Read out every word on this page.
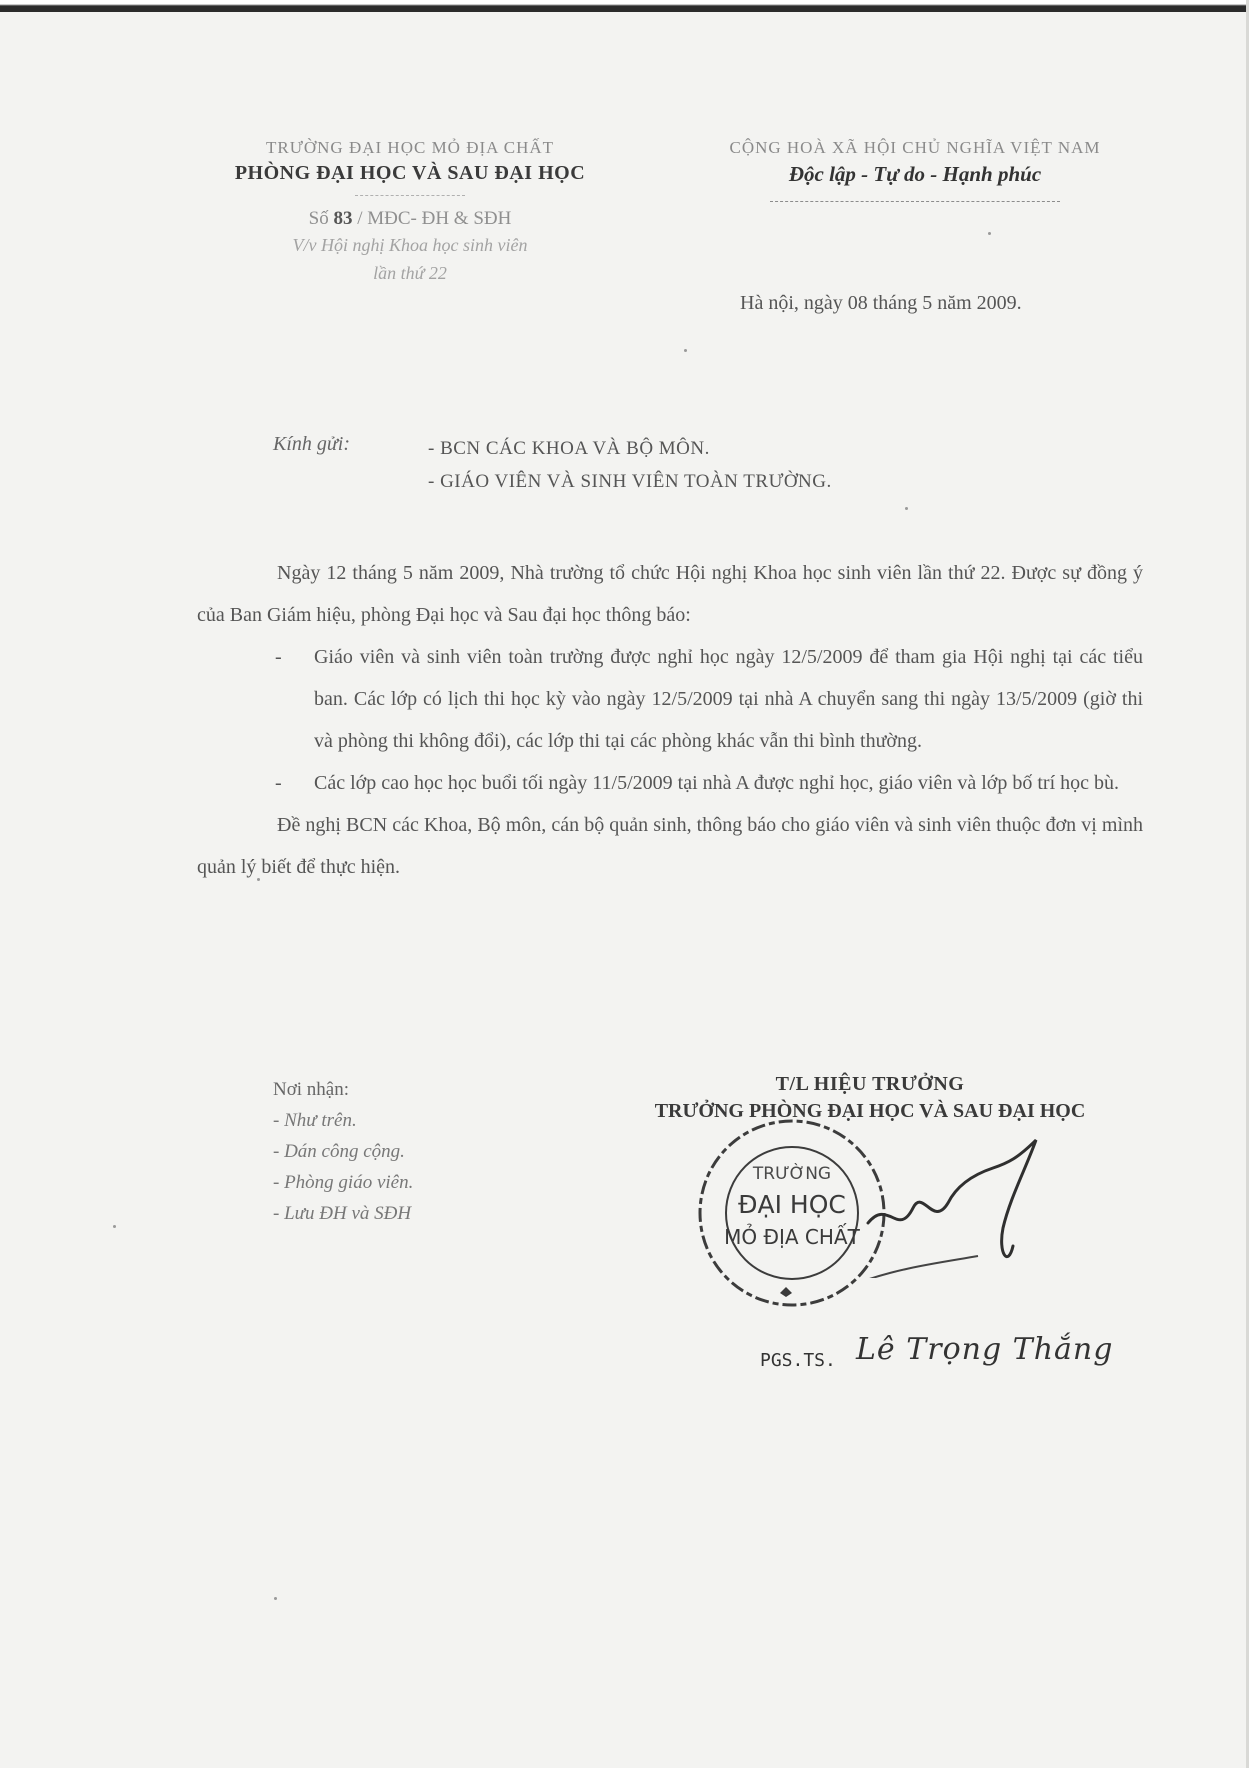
TRƯỜNG ĐẠI HỌC MỎ ĐỊA CHẤT
PHÒNG ĐẠI HỌC VÀ SAU ĐẠI HỌC
Số 83 / MĐC- ĐH & SĐH
V/v Hội nghị Khoa học sinh viên
lần thứ 22
CỘNG HOÀ XÃ HỘI CHỦ NGHĨA VIỆT NAM
Độc lập - Tự do - Hạnh phúc
Hà nội, ngày 08 tháng 5 năm 2009.
Kính gửi:	- BCN CÁC KHOA VÀ BỘ MÔN.
- GIÁO VIÊN VÀ SINH VIÊN TOÀN TRƯỜNG.

Ngày 12 tháng 5 năm 2009, Nhà trường tổ chức Hội nghị Khoa học sinh viên lần thứ 22. Được sự đồng ý của Ban Giám hiệu, phòng Đại học và Sau đại học thông báo:

- Giáo viên và sinh viên toàn trường được nghỉ học ngày 12/5/2009 để tham gia Hội nghị tại các tiểu ban. Các lớp có lịch thi học kỳ vào ngày 12/5/2009 tại nhà A chuyển sang thi ngày 13/5/2009 (giờ thi và phòng thi không đổi), các lớp thi tại các phòng khác vẫn thi bình thường.
- Các lớp cao học học buổi tối ngày 11/5/2009 tại nhà A được nghỉ học, giáo viên và lớp bố trí học bù.

Đề nghị BCN các Khoa, Bộ môn, cán bộ quản sinh, thông báo cho giáo viên và sinh viên thuộc đơn vị mình quản lý biết để thực hiện.

Nơi nhận:
- Như trên.
- Dán công cộng.
- Phòng giáo viên.
- Lưu ĐH và SĐH
T/L HIỆU TRƯỞNG
TRƯỞNG PHÒNG ĐẠI HỌC VÀ SAU ĐẠI HỌC
TRƯỜNG
ĐẠI HỌC
MỎ ĐỊA CHẤT
PGS.TS. Lê Trọng Thắng
